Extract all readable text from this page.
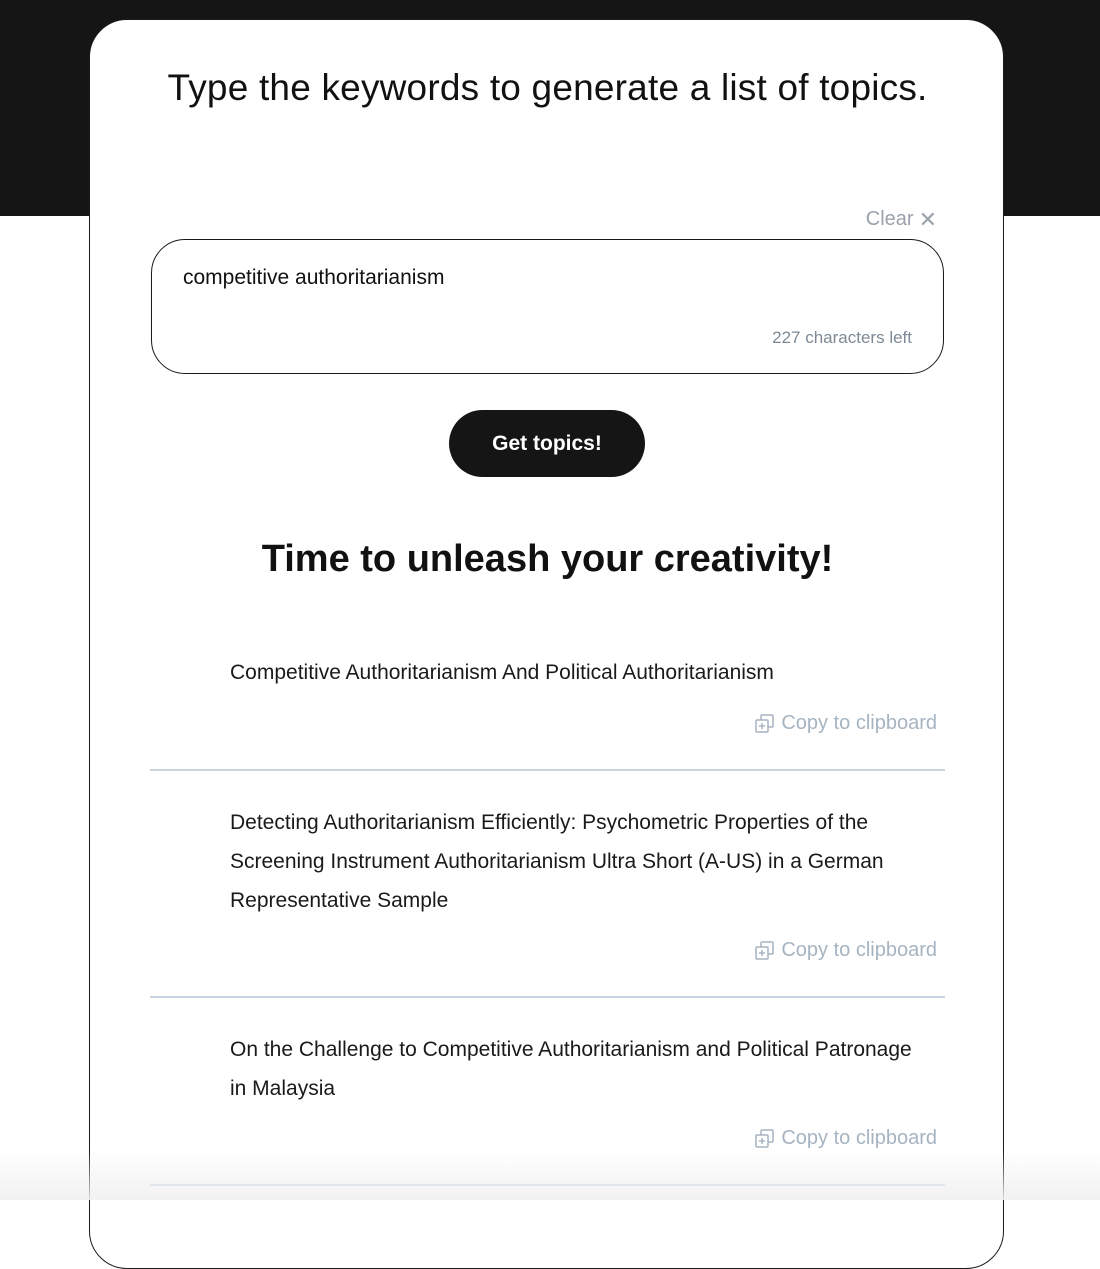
Type the keywords to generate a list of topics.
Clear ✕
competitive authoritarianism
227 characters left
Get topics!
Time to unleash your creativity!

Competitive Authoritarianism And Political Authoritarianism

Copy to clipboard

Detecting Authoritarianism Efficiently: Psychometric Properties of the Screening Instrument Authoritarianism Ultra Short (A-US) in a German Representative Sample

Copy to clipboard

On the Challenge to Competitive Authoritarianism and Political Patronage in Malaysia

Copy to clipboard
